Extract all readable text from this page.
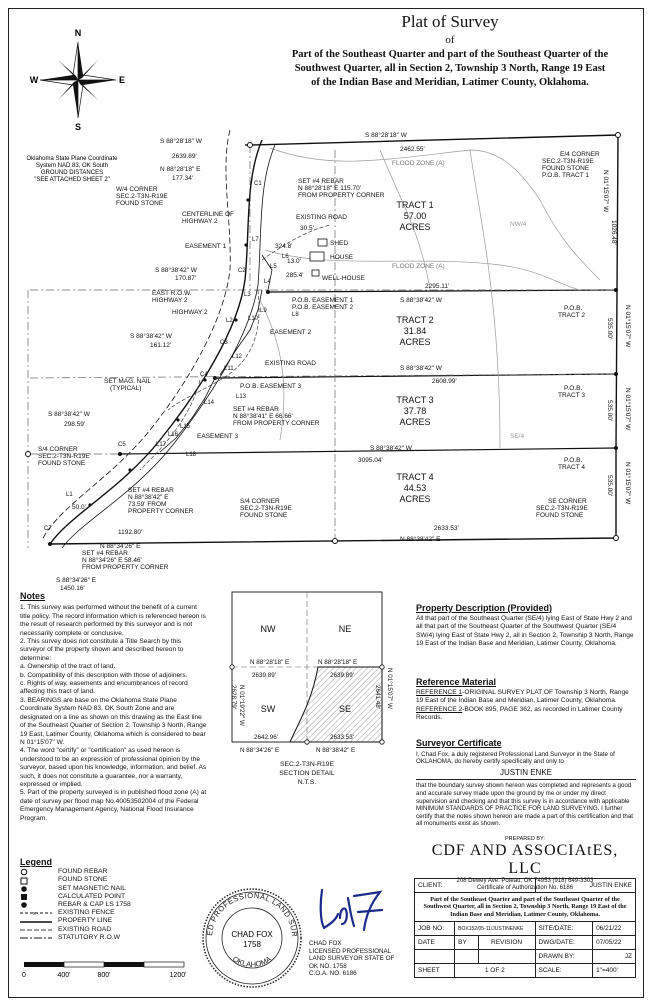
Plat of Survey
of
Part of the Southeast Quarter and part of the Southeast Quarter of the Southwest Quarter, all in Section 2, Township 3 North, Range 19 East of the Indian Base and Meridian, Latimer County, Oklahoma.
N
S
E
W
Oklahoma State Plane Coordinate
System NAD 83, OK South
GROUND DISTANCES
"SEE ATTACHED SHEET 2"
S 88°28'18" W
2639.89'
N 88°28'18" E
177.34'
W/4 CORNER
SEC.2-T3N-R19E
FOUND STONE
S 88°28'18" W
2462.55'
E/4 CORNER
SEC.2-T3N-R19E
FOUND STONE
P.O.B. TRACT 1
FLOOD ZONE (A)
SET #4 REBAR
N 88°28'18" E 115.70'
FROM PROPERTY CORNER
CENTERLINE OF
HIGHWAY 2
EXISTING ROAD
30.5'
EASEMENT 1	324.8'
13.0'
285.4'
SHED
HOUSE
WELL-HOUSE
S 88°38'42" W
170.87'
EAST R.O.W.
HIGHWAY 2
HIGHWAY 2
2295.11'
P.O.B. EASEMENT 1
P.O.B. EASEMENT 2
S 88°38'42" W
P.O.B.
TRACT 2
EASEMENT 2
S 88°38'42" W
161.12'
EXISTING ROAD
S 88°38'42" W
2608.99'
SET MAG. NAIL
(TYPICAL)	P.O.B. EASEMENT 3	P.O.B.
TRACT 3
S 88°38'42" W
298.59'
SET #4 REBAR
N 88°38'41" E 66.66'
FROM PROPERTY CORNER
EASEMENT 3
S 88°38'42" W
3095.04'	P.O.B.
TRACT 4
S/4 CORNER
SEC.2-T3N-R19E
FOUND STONE
50.0'
SET #4 REBAR
N 88°38'42" E
73.59' FROM
PROPERTY CORNER
S/4 CORNER
SEC.2-T3N-R19E
FOUND STONE
SE CORNER
SEC.2-T3N-R19E
FOUND STONE
1192.80'
2633.53'
N 88°34'26" E
N 88°38'42" E
SET #4 REBAR
N 88°34'26" E 58.46'
FROM PROPERTY CORNER
S 88°34'26" E
1450.16'
NW/4
SE/4
FLOOD ZONE (A)
N 01°15'07" W
1026.48'
N 01°15'07" W
535.00'
N 01°15'07" W
535.00'
N 01°15'07" W
535.00'
C1
L7
L6
L5
L4
C2
L3
L10
L9
L8
L2
C3
L12
L11
C4
L14
L13
L15
L16
L17
C5
L18
L1
C7
TRACT 1
57.00
ACRES
TRACT 2
31.84
ACRES
TRACT 3
37.78
ACRES
TRACT 4
44.53
ACRES
NW	NE
SW	SE
N 88°28'18" E	N 88°28'18" E
2639.89'	2639.89'
2642.96'	2633.53'
N 88°34'26" E	N 88°38'42" E
2628.79' N 01°19'22" W	N 01°15'07" W
2641.48'
SEC.2-T3N-R19E
SECTION DETAIL
N.T.S.
Notes

1. This survey was performed without the benefit of a current title policy. The record information which is referenced hereon is the result of research performed by this surveyor and is not necessarily complete or conclusive.

2. This survey does not constitute a Title Search by this surveyor of the property shown and described hereon to determine:

a. Ownership of the tract of land.

b. Compatibility of this description with those of adjoiners.

c. Rights of way, easements and encumbrances of record affecting this tract of land.

3. BEARINGS are base on the Oklahoma State Plane Coordinate System NAD 83, OK South Zone and are designated on a line as shown on this drawing as the East line of the Southeast Quarter of Section 2, Township 3 North, Range 19 East, Latimer County, Oklahoma which is considered to bear N 01°15'07" W.

4. The word "certify" or "certification" as used hereon is understood to be an expression of professional opinion by the surveyor, based upon his knowledge, information, and belief. As such, it does not constitute a guarantee, nor a warranty, expressed or implied.

5. Part of the property surveyed is in published flood zone (A) at date of survey per flood map No.40053502004 of the Federal Emergency Management Agency, National Flood Insurance Program.

Legend
FOUND REBAR
FOUND STONE
SET MAGNETIC NAIL
CALCULATED POINT
REBAR & CAP LS 1758
x	EXISTING FENCE
PROPERTY LINE
EXISTING ROAD
STATUTORY R.O.W
0	400'	800'	1200'
ED PROFESSIONAL LAND SUR
OKLAHOMA
CHAD FOX
1758	CHAD FOX
LICENSED PROFESSIONAL
LAND SURVEYOR STATE OF
OK NO. 1758
C.O.A. NO. 6186
Property Description (Provided)
All that part of the Southeast Quarter (SE/4) lying East of State Hwy 2 and all that part of the Southeast Quarter of the Southwest Quarter (SE/4 SW/4) lying East of State Hwy 2, all in Section 2, Township 3 North, Range 19 East of the Indian Base and Meridian, Latimer County, Oklahoma.
Reference Material
REFERENCE 1-ORIGINAL SURVEY PLAT OF Township 3 North, Range 19 East of the Indian Base and Meridian, Latimer County, Oklahoma.
REFERENCE 2-BOOK 895, PAGE 362, as recorded in Latimer County Records.
Surveyor Certificate
I, Chad Fox, a duly registered Professional Land Surveyor in the State of OKLAHOMA, do hereby certify specifically and only to
JUSTIN ENKE
that the boundary survey shown hereon was completed and represents a good and accurate survey made upon the ground by me or under my direct supervision and checking and that this survey is in accordance with applicable MINIMUM STANDARDS OF PRACTICE FOR LAND SURVEYING. I further certify that the notes shown hereon are made a part of this certification and that all monuments exist as shown.
PREPARED BY:
CDF AND ASSOCIAtES, LLC
208 Dewey Ave. Poteau, OK 74953 (918) 649-3303
Certificate of Authorization No. 6186
CLIENT:			JUSTIN ENKE	
Part of the Southeast Quarter and part of the Southeast Quarter of the Southwest Quarter, all in Section 2, Township 3 North, Range 19 East of the Indian Base and Meridian, Latimer County, Oklahoma.				
JOB NO:	BOX152/05-11/JUSTINENKE		SITE/DATE:	06/21/22
DATE	BY	REVISION	DWG/DATE:	07/05/22
			DRAWN BY:	JZ
SHEET	1 OF 2		SCALE:	1"=400'
